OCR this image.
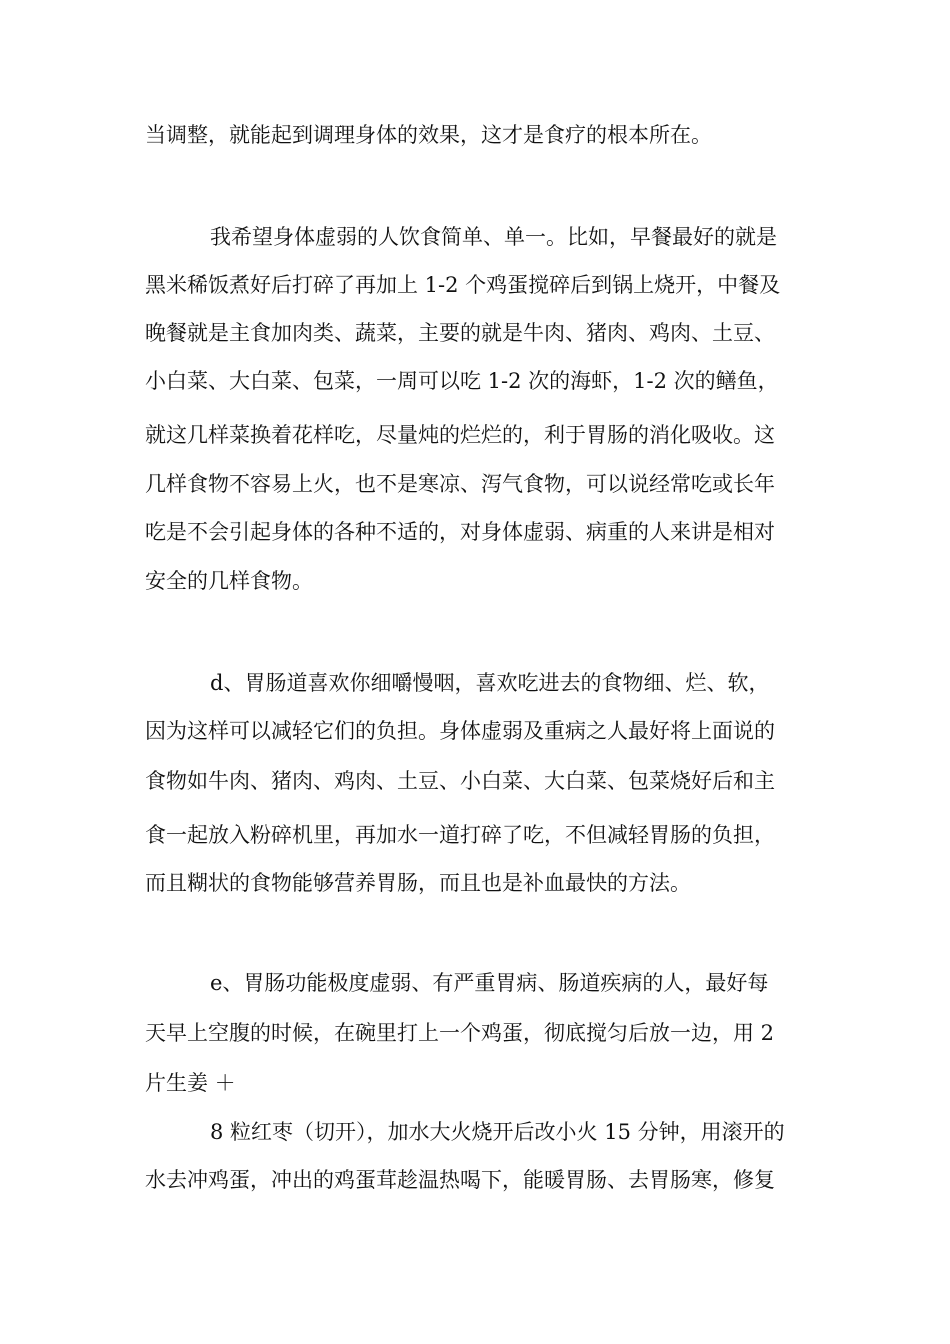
当调整，就能起到调理身体的效果，这才是食疗的根本所在。
我希望身体虚弱的人饮食简单、单一。比如，早餐最好的就是
黑米稀饭煮好后打碎了再加上 1-2 个鸡蛋搅碎后到锅上烧开，中餐及
晚餐就是主食加肉类、蔬菜，主要的就是牛肉、猪肉、鸡肉、土豆、
小白菜、大白菜、包菜，一周可以吃 1-2 次的海虾，1-2 次的鳝鱼，
就这几样菜换着花样吃，尽量炖的烂烂的，利于胃肠的消化吸收。这
几样食物不容易上火，也不是寒凉、泻气食物，可以说经常吃或长年
吃是不会引起身体的各种不适的，对身体虚弱、病重的人来讲是相对
安全的几样食物。
d、胃肠道喜欢你细嚼慢咽，喜欢吃进去的食物细、烂、软，
因为这样可以减轻它们的负担。身体虚弱及重病之人最好将上面说的
食物如牛肉、猪肉、鸡肉、土豆、小白菜、大白菜、包菜烧好后和主
食一起放入粉碎机里，再加水一道打碎了吃，不但减轻胃肠的负担，
而且糊状的食物能够营养胃肠，而且也是补血最快的方法。
e、胃肠功能极度虚弱、有严重胃病、肠道疾病的人，最好每
天早上空腹的时候，在碗里打上一个鸡蛋，彻底搅匀后放一边，用 2
片生姜 ＋
8 粒红枣（切开），加水大火烧开后改小火 15 分钟，用滚开的
水去冲鸡蛋，冲出的鸡蛋茸趁温热喝下，能暖胃肠、去胃肠寒，修复
